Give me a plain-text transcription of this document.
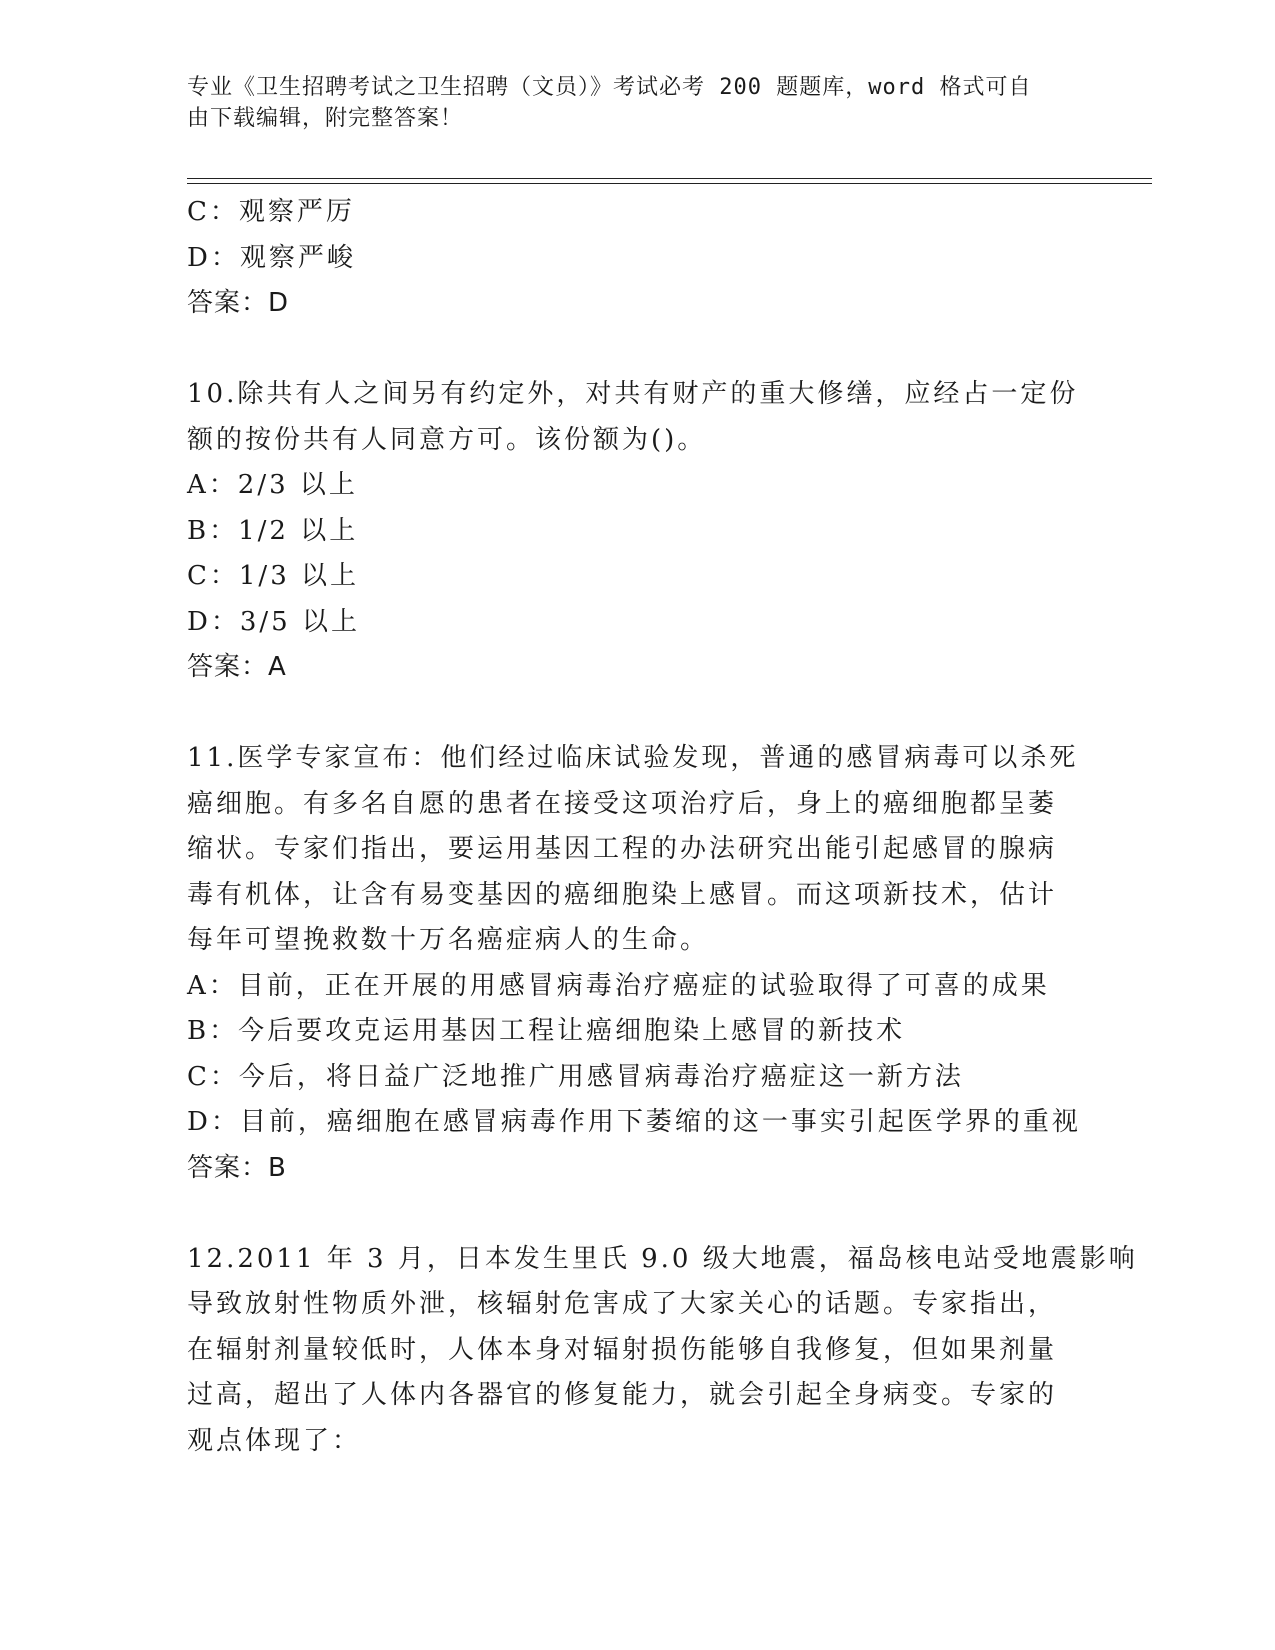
专业《卫生招聘考试之卫生招聘（文员）》考试必考 200 题题库，word 格式可自
由下载编辑，附完整答案！
C：观察严厉
D：观察严峻
答案：D
10.除共有人之间另有约定外，对共有财产的重大修缮，应经占一定份
额的按份共有人同意方可。该份额为()。
A：2/3 以上
B：1/2 以上
C：1/3 以上
D：3/5 以上
答案：A
11.医学专家宣布：他们经过临床试验发现，普通的感冒病毒可以杀死
癌细胞。有多名自愿的患者在接受这项治疗后，身上的癌细胞都呈萎
缩状。专家们指出，要运用基因工程的办法研究出能引起感冒的腺病
毒有机体，让含有易变基因的癌细胞染上感冒。而这项新技术，估计
每年可望挽救数十万名癌症病人的生命。
A：目前，正在开展的用感冒病毒治疗癌症的试验取得了可喜的成果
B：今后要攻克运用基因工程让癌细胞染上感冒的新技术
C：今后，将日益广泛地推广用感冒病毒治疗癌症这一新方法
D：目前，癌细胞在感冒病毒作用下萎缩的这一事实引起医学界的重视
答案：B
12.2011 年 3 月，日本发生里氏 9.0 级大地震，福岛核电站受地震影响
导致放射性物质外泄，核辐射危害成了大家关心的话题。专家指出，
在辐射剂量较低时，人体本身对辐射损伤能够自我修复，但如果剂量
过高，超出了人体内各器官的修复能力，就会引起全身病变。专家的
观点体现了：
